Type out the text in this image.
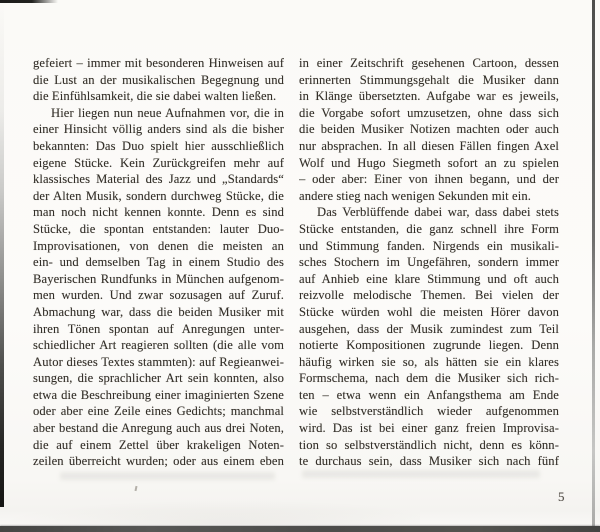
gefeiert – immer mit besonderen Hinweisen auf
die Lust an der musikalischen Begegnung und
die Einfühlsamkeit, die sie dabei walten ließen.
Hier liegen nun neue Aufnahmen vor, die in
einer Hinsicht völlig anders sind als die bisher
bekannten: Das Duo spielt hier ausschließlich
eigene Stücke. Kein Zurückgreifen mehr auf
klassisches Material des Jazz und „Standards“
der Alten Musik, sondern durchweg Stücke, die
man noch nicht kennen konnte. Denn es sind
Stücke, die spontan entstanden: lauter Duo-
Improvisationen, von denen die meisten an
ein- und demselben Tag in einem Studio des
Bayerischen Rundfunks in München aufgenom-
men wurden. Und zwar sozusagen auf Zuruf.
Abmachung war, dass die beiden Musiker mit
ihren Tönen spontan auf Anregungen unter-
schiedlicher Art reagieren sollten (die alle vom
Autor dieses Textes stammten): auf Regieanwei-
sungen, die sprachlicher Art sein konnten, also
etwa die Beschreibung einer imaginierten Szene
oder aber eine Zeile eines Gedichts; manchmal
aber bestand die Anregung auch aus drei Noten,
die auf einem Zettel über krakeligen Noten-
zeilen überreicht wurden; oder aus einem eben
in einer Zeitschrift gesehenen Cartoon, dessen
erinnerten Stimmungsgehalt die Musiker dann
in Klänge übersetzten. Aufgabe war es jeweils,
die Vorgabe sofort umzusetzen, ohne dass sich
die beiden Musiker Notizen machten oder auch
nur absprachen. In all diesen Fällen fingen Axel
Wolf und Hugo Siegmeth sofort an zu spielen
– oder aber: Einer von ihnen begann, und der
andere stieg nach wenigen Sekunden mit ein.
Das Verblüffende dabei war, dass dabei stets
Stücke entstanden, die ganz schnell ihre Form
und Stimmung fanden. Nirgends ein musikali-
sches Stochern im Ungefähren, sondern immer
auf Anhieb eine klare Stimmung und oft auch
reizvolle melodische Themen. Bei vielen der
Stücke würden wohl die meisten Hörer davon
ausgehen, dass der Musik zumindest zum Teil
notierte Kompositionen zugrunde liegen. Denn
häufig wirken sie so, als hätten sie ein klares
Formschema, nach dem die Musiker sich rich-
ten – etwa wenn ein Anfangsthema am Ende
wie selbstverständlich wieder aufgenommen
wird. Das ist bei einer ganz freien Improvisa-
tion so selbstverständlich nicht, denn es könn-
te durchaus sein, dass Musiker sich nach fünf
5
